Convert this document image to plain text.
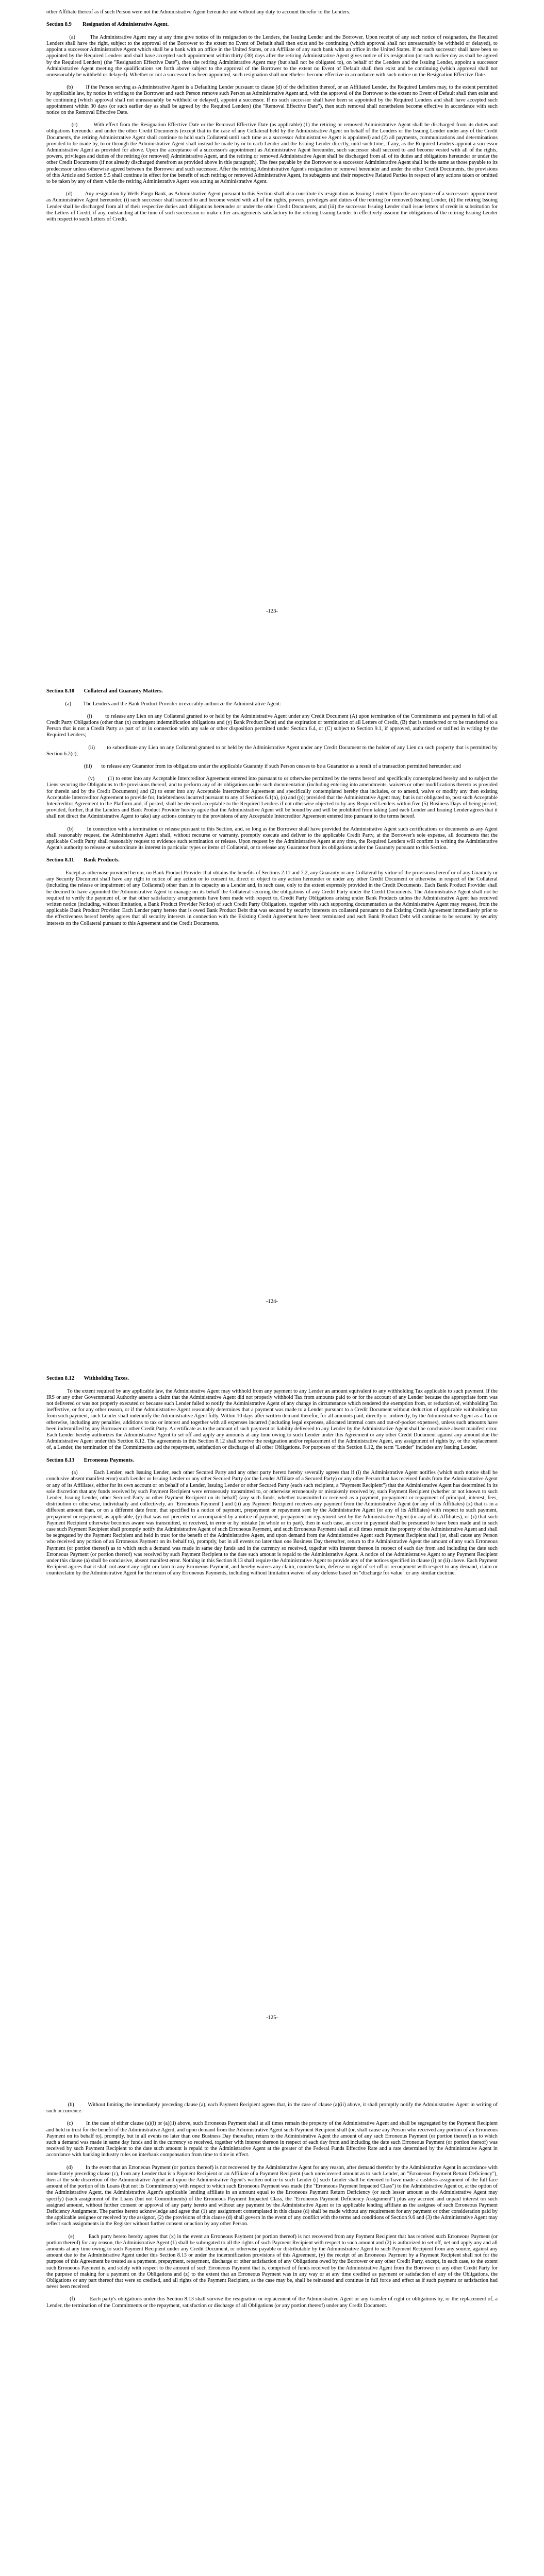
other Affiliate thereof as if such Person were not the Administrative Agent hereunder and without any duty to account therefor to the Lenders.

Section 8.9        Resignation of Administrative Agent.

(a)         The Administrative Agent may at any time give notice of its resignation to the Lenders, the Issuing Lender and the Borrower. Upon receipt of any such notice of resignation, the Required Lenders shall have the right, subject to the approval of the Borrower to the extent no Event of Default shall then exist and be continuing (which approval shall not unreasonably be withheld or delayed), to appoint a successor Administrative Agent which shall be a bank with an office in the United States, or an Affiliate of any such bank with an office in the United States. If no such successor shall have been so appointed by the Required Lenders and shall have accepted such appointment within thirty (30) days after the retiring Administrative Agent gives notice of its resignation (or such earlier day as shall be agreed by the Required Lenders) (the "Resignation Effective Date"), then the retiring Administrative Agent may (but shall not be obligated to), on behalf of the Lenders and the Issuing Lender, appoint a successor Administrative Agent meeting the qualifications set forth above subject to the approval of the Borrower to the extent no Event of Default shall then exist and be continuing (which approval shall not unreasonably be withheld or delayed). Whether or not a successor has been appointed, such resignation shall nonetheless become effective in accordance with such notice on the Resignation Effective Date.

(b)         If the Person serving as Administrative Agent is a Defaulting Lender pursuant to clause (d) of the definition thereof, or an Affiliated Lender, the Required Lenders may, to the extent permitted by applicable law, by notice in writing to the Borrower and such Person remove such Person as Administrative Agent and, with the approval of the Borrower to the extent no Event of Default shall then exist and be continuing (which approval shall not unreasonably be withheld or delayed), appoint a successor. If no such successor shall have been so appointed by the Required Lenders and shall have accepted such appointment within 30 days (or such earlier day as shall be agreed by the Required Lenders) (the "Removal Effective Date"), then such removal shall nonetheless become effective in accordance with such notice on the Removal Effective Date.

(c)         With effect from the Resignation Effective Date or the Removal Effective Date (as applicable) (1) the retiring or removed Administrative Agent shall be discharged from its duties and obligations hereunder and under the other Credit Documents (except that in the case of any Collateral held by the Administrative Agent on behalf of the Lenders or the Issuing Lender under any of the Credit Documents, the retiring Administrative Agent shall continue to hold such Collateral until such time as a successor Administrative Agent is appointed) and (2) all payments, communications and determinations provided to be made by, to or through the Administrative Agent shall instead be made by or to each Lender and the Issuing Lender directly, until such time, if any, as the Required Lenders appoint a successor Administrative Agent as provided for above. Upon the acceptance of a successor's appointment as Administrative Agent hereunder, such successor shall succeed to and become vested with all of the rights, powers, privileges and duties of the retiring (or removed) Administrative Agent, and the retiring or removed Administrative Agent shall be discharged from all of its duties and obligations hereunder or under the other Credit Documents (if not already discharged therefrom as provided above in this paragraph). The fees payable by the Borrower to a successor Administrative Agent shall be the same as those payable to its predecessor unless otherwise agreed between the Borrower and such successor. After the retiring Administrative Agent's resignation or removal hereunder and under the other Credit Documents, the provisions of this Article and Section 9.5 shall continue in effect for the benefit of such retiring or removed Administrative Agent, its subagents and their respective Related Parties in respect of any actions taken or omitted to be taken by any of them while the retiring Administrative Agent was acting as Administrative Agent.

(d)         Any resignation by Wells Fargo Bank, as Administrative Agent pursuant to this Section shall also constitute its resignation as Issuing Lender. Upon the acceptance of a successor's appointment as Administrative Agent hereunder, (i) such successor shall succeed to and become vested with all of the rights, powers, privileges and duties of the retiring (or removed) Issuing Lender, (ii) the retiring Issuing Lender shall be discharged from all of their respective duties and obligations hereunder or under the other Credit Documents, and (iii) the successor Issuing Lender shall issue letters of credit in substitution for the Letters of Credit, if any, outstanding at the time of such succession or make other arrangements satisfactory to the retiring Issuing Lender to effectively assume the obligations of the retiring Issuing Lender with respect to such Letters of Credit.

-123-

Section 8.10       Collateral and Guaranty Matters.

(a)         The Lenders and the Bank Product Provider irrevocably authorize the Administrative Agent:

(i)         to release any Lien on any Collateral granted to or held by the Administrative Agent under any Credit Document (A) upon termination of the Commitments and payment in full of all Credit Party Obligations (other than (x) contingent indemnification obligations and (y) Bank Product Debt) and the expiration or termination of all Letters of Credit, (B) that is transferred or to be transferred to a Person that is not a Credit Party as part of or in connection with any sale or other disposition permitted under Section 6.4, or (C) subject to Section 9.1, if approved, authorized or ratified in writing by the Required Lenders;

(ii)        to subordinate any Lien on any Collateral granted to or held by the Administrative Agent under any Credit Document to the holder of any Lien on such property that is permitted by Section 6.2(c);

(iii)       to release any Guarantor from its obligations under the applicable Guaranty if such Person ceases to be a Guarantor as a result of a transaction permitted hereunder; and

(v)         (1) to enter into any Acceptable Intercreditor Agreement entered into pursuant to or otherwise permitted by the terms hereof and specifically contemplated hereby and to subject the Liens securing the Obligations to the provisions thereof, and to perform any of its obligations under such documentation (including entering into amendments, waivers or other modifications thereto as provided for therein and by the Credit Documents) and (2) to enter into any Acceptable Intercreditor Agreement and specifically contemplated hereby that includes, or to amend, waive or modify any then existing Acceptable Intercreditor Agreement to provide for, Indebtedness incurred pursuant to any of Sections 6.1(n), (o) and (p); provided that the Administrative Agent may, but is not obligated to, post such Acceptable Intercreditor Agreement to the Platform and, if posted, shall be deemed acceptable to the Required Lenders if not otherwise objected to by any Required Lenders within five (5) Business Days of being posted; provided, further, that the Lenders and Bank Product Provider hereby agree that the Administrative Agent will be bound by and will be prohibited from taking (and each Lender and Issuing Lender agrees that it shall not direct the Administrative Agent to take) any actions contrary to the provisions of any Acceptable Intercreditor Agreement entered into pursuant to the terms hereof.

(b)         In connection with a termination or release pursuant to this Section, and, so long as the Borrower shall have provided the Administrative Agent such certifications or documents as any Agent shall reasonably request, the Administrative Agent shall, without recourse or warranty, promptly execute and deliver to the applicable Credit Party, at the Borrower's sole expense, all documents that the applicable Credit Party shall reasonably request to evidence such termination or release. Upon request by the Administrative Agent at any time, the Required Lenders will confirm in writing the Administrative Agent's authority to release or subordinate its interest in particular types or items of Collateral, or to release any Guarantor from its obligations under the Guaranty pursuant to this Section.

Section 8.11       Bank Products.

Except as otherwise provided herein, no Bank Product Provider that obtains the benefits of Sections 2.11 and 7.2, any Guaranty or any Collateral by virtue of the provisions hereof or of any Guaranty or any Security Document shall have any right to notice of any action or to consent to, direct or object to any action hereunder or under any other Credit Document or otherwise in respect of the Collateral (including the release or impairment of any Collateral) other than in its capacity as a Lender and, in such case, only to the extent expressly provided in the Credit Documents. Each Bank Product Provider shall be deemed to have appointed the Administrative Agent to manage on its behalf the Collateral securing the obligations of any Credit Party under the Credit Documents. The Administrative Agent shall not be required to verify the payment of, or that other satisfactory arrangements have been made with respect to, Credit Party Obligations arising under Bank Products unless the Administrative Agent has received written notice (including, without limitation, a Bank Product Provider Notice) of such Credit Party Obligations, together with such supporting documentation as the Administrative Agent may request, from the applicable Bank Product Provider. Each Lender party hereto that is owed Bank Product Debt that was secured by security interests on collateral pursuant to the Existing Credit Agreement immediately prior to the effectiveness hereof hereby agrees that all security interests in connection with the Existing Credit Agreement have been terminated and each Bank Product Debt will continue to be secured by security interests on the Collateral pursuant to this Agreement and the Credit Documents.

-124-

Section 8.12       Withholding Taxes.

To the extent required by any applicable law, the Administrative Agent may withhold from any payment to any Lender an amount equivalent to any withholding Tax applicable to such payment. If the IRS or any other Governmental Authority asserts a claim that the Administrative Agent did not properly withhold Tax from amounts paid to or for the account of any Lender because the appropriate form was not delivered or was not properly executed or because such Lender failed to notify the Administrative Agent of any change in circumstance which rendered the exemption from, or reduction of, withholding Tax ineffective, or for any other reason, or if the Administrative Agent reasonably determines that a payment was made to a Lender pursuant to a Credit Document without deduction of applicable withholding tax from such payment, such Lender shall indemnify the Administrative Agent fully. Within 10 days after written demand therefor, for all amounts paid, directly or indirectly, by the Administrative Agent as a Tax or otherwise, including any penalties, additions to tax or interest and together with all expenses incurred (including legal expenses, allocated internal costs and out-of-pocket expenses), unless such amounts have been indemnified by any Borrower or other Credit Party. A certificate as to the amount of such payment or liability delivered to any Lender by the Administrative Agent shall be conclusive absent manifest error. Each Lender hereby authorizes the Administrative Agent to set off and apply any amounts at any time owing to such Lender under this Agreement or any other Credit Document against any amount due the Administrative Agent under this Section 8.12. The agreements in this Section 8.12 shall survive the resignation and/or replacement of the Administrative Agent, any assignment of rights by, or the replacement of, a Lender, the termination of the Commitments and the repayment, satisfaction or discharge of all other Obligations. For purposes of this Section 8.12, the term "Lender" includes any Issuing Lender.

Section 8.13       Erroneous Payments.

(a)         Each Lender, each Issuing Lender, each other Secured Party and any other party hereto hereby severally agrees that if (i) the Administrative Agent notifies (which such notice shall be conclusive absent manifest error) such Lender or Issuing Lender or any other Secured Party (or the Lender Affiliate of a Secured Party) or any other Person that has received funds from the Administrative Agent or any of its Affiliates, either for its own account or on behalf of a Lender, Issuing Lender or other Secured Party (each such recipient, a "Payment Recipient") that the Administrative Agent has determined in its sole discretion that any funds received by such Payment Recipient were erroneously transmitted to, or otherwise erroneously or mistakenly received by, such Payment Recipient (whether or not known to such Lender, Issuing Lender, other Secured Party or other Payment Recipient on its behalf) (any such funds, whether transmitted or received as a payment, prepayment or repayment of principal, interest, fees, distribution or otherwise, individually and collectively, an "Erroneous Payment") and (ii) any Payment Recipient receives any payment from the Administrative Agent (or any of its Affiliates) (x) that is in a different amount than, or on a different date from, that specified in a notice of payment, prepayment or repayment sent by the Administrative Agent (or any of its Affiliates) with respect to such payment, prepayment or repayment, as applicable, (y) that was not preceded or accompanied by a notice of payment, prepayment or repayment sent by the Administrative Agent (or any of its Affiliates), or (z) that such Payment Recipient otherwise becomes aware was transmitted, or received, in error or by mistake (in whole or in part), then in each case, an error in payment shall be presumed to have been made and in such case such Payment Recipient shall promptly notify the Administrative Agent of such Erroneous Payment, and such Erroneous Payment shall at all times remain the property of the Administrative Agent and shall be segregated by the Payment Recipient and held in trust for the benefit of the Administrative Agent, and upon demand from the Administrative Agent such Payment Recipient shall (or, shall cause any Person who received any portion of an Erroneous Payment on its behalf to), promptly, but in all events no later than one Business Day thereafter, return to the Administrative Agent the amount of any such Erroneous Payment (or portion thereof) as to which such a demand was made in same day funds and in the currency so received, together with interest thereon in respect of each day from and including the date such Erroneous Payment (or portion thereof) was received by such Payment Recipient to the date such amount is repaid to the Administrative Agent. A notice of the Administrative Agent to any Payment Recipient under this clause (a) shall be conclusive, absent manifest error. Nothing in this Section 8.13 shall require the Administrative Agent to provide any of the notices specified in clause (i) or (ii) above. Each Payment Recipient agrees that it shall not assert any right or claim to any Erroneous Payment, and hereby waives any claim, counterclaim, defense or right of set-off or recoupment with respect to any demand, claim or counterclaim by the Administrative Agent for the return of any Erroneous Payments, including without limitation waiver of any defense based on "discharge for value" or any similar doctrine.

-125-

(b)         Without limiting the immediately preceding clause (a), each Payment Recipient agrees that, in the case of clause (a)(ii) above, it shall promptly notify the Administrative Agent in writing of such occurrence.

(c)         In the case of either clause (a)(i) or (a)(ii) above, such Erroneous Payment shall at all times remain the property of the Administrative Agent and shall be segregated by the Payment Recipient and held in trust for the benefit of the Administrative Agent, and upon demand from the Administrative Agent such Payment Recipient shall (or, shall cause any Person who received any portion of an Erroneous Payment on its behalf to), promptly, but in all events no later than one Business Day thereafter, return to the Administrative Agent the amount of any such Erroneous Payment (or portion thereof) as to which such a demand was made in same day funds and in the currency so received, together with interest thereon in respect of each day from and including the date such Erroneous Payment (or portion thereof) was received by such Payment Recipient to the date such amount is repaid to the Administrative Agent at the greater of the Federal Funds Effective Rate and a rate determined by the Administrative Agent in accordance with banking industry rules on interbank compensation from time to time in effect.

(d)         In the event that an Erroneous Payment (or portion thereof) is not recovered by the Administrative Agent for any reason, after demand therefor by the Administrative Agent in accordance with immediately preceding clause (c), from any Lender that is a Payment Recipient or an Affiliate of a Payment Recipient (such unrecovered amount as to such Lender, an "Erroneous Payment Return Deficiency"), then at the sole discretion of the Administrative Agent and upon the Administrative Agent's written notice to such Lender (i) such Lender shall be deemed to have made a cashless assignment of the full face amount of the portion of its Loans (but not its Commitments) with respect to which such Erroneous Payment was made (the "Erroneous Payment Impacted Class") to the Administrative Agent or, at the option of the Administrative Agent, the Administrative Agent's applicable lending affiliate in an amount equal to the Erroneous Payment Return Deficiency (or such lesser amount as the Administrative Agent may specify) (such assignment of the Loans (but not Commitments) of the Erroneous Payment Impacted Class, the "Erroneous Payment Deficiency Assignment") plus any accrued and unpaid interest on such assigned amount, without further consent or approval of any party hereto and without any payment by the Administrative Agent or its applicable lending affiliate as the assignee of such Erroneous Payment Deficiency Assignment. The parties hereto acknowledge and agree that (1) any assignment contemplated in this clause (d) shall be made without any requirement for any payment or other consideration paid by the applicable assignee or received by the assignor, (2) the provisions of this clause (d) shall govern in the event of any conflict with the terms and conditions of Section 9.6 and (3) the Administrative Agent may reflect such assignments in the Register without further consent or action by any other Person.

(e)         Each party hereto hereby agrees that (x) in the event an Erroneous Payment (or portion thereof) is not recovered from any Payment Recipient that has received such Erroneous Payment (or portion thereof) for any reason, the Administrative Agent (1) shall be subrogated to all the rights of such Payment Recipient with respect to such amount and (2) is authorized to set off, net and apply any and all amounts at any time owing to such Payment Recipient under any Credit Document, or otherwise payable or distributable by the Administrative Agent to such Payment Recipient from any source, against any amount due to the Administrative Agent under this Section 8.13 or under the indemnification provisions of this Agreement, (y) the receipt of an Erroneous Payment by a Payment Recipient shall not for the purpose of this Agreement be treated as a payment, prepayment, repayment, discharge or other satisfaction of any Obligations owed by the Borrower or any other Credit Party, except, in each case, to the extent such Erroneous Payment is, and solely with respect to the amount of such Erroneous Payment that is, comprised of funds received by the Administrative Agent from the Borrower or any other Credit Party for the purpose of making for a payment on the Obligations and (z) to the extent that an Erroneous Payment was in any way or at any time credited as payment or satisfaction of any of the Obligations, the Obligations or any part thereof that were so credited, and all rights of the Payment Recipient, as the case may be, shall be reinstated and continue in full force and effect as if such payment or satisfaction had never been received.

(f)         Each party's obligations under this Section 8.13 shall survive the resignation or replacement of the Administrative Agent or any transfer of right or obligations by, or the replacement of, a Lender, the termination of the Commitments or the repayment, satisfaction or discharge of all Obligations (or any portion thereof) under any Credit Document.
